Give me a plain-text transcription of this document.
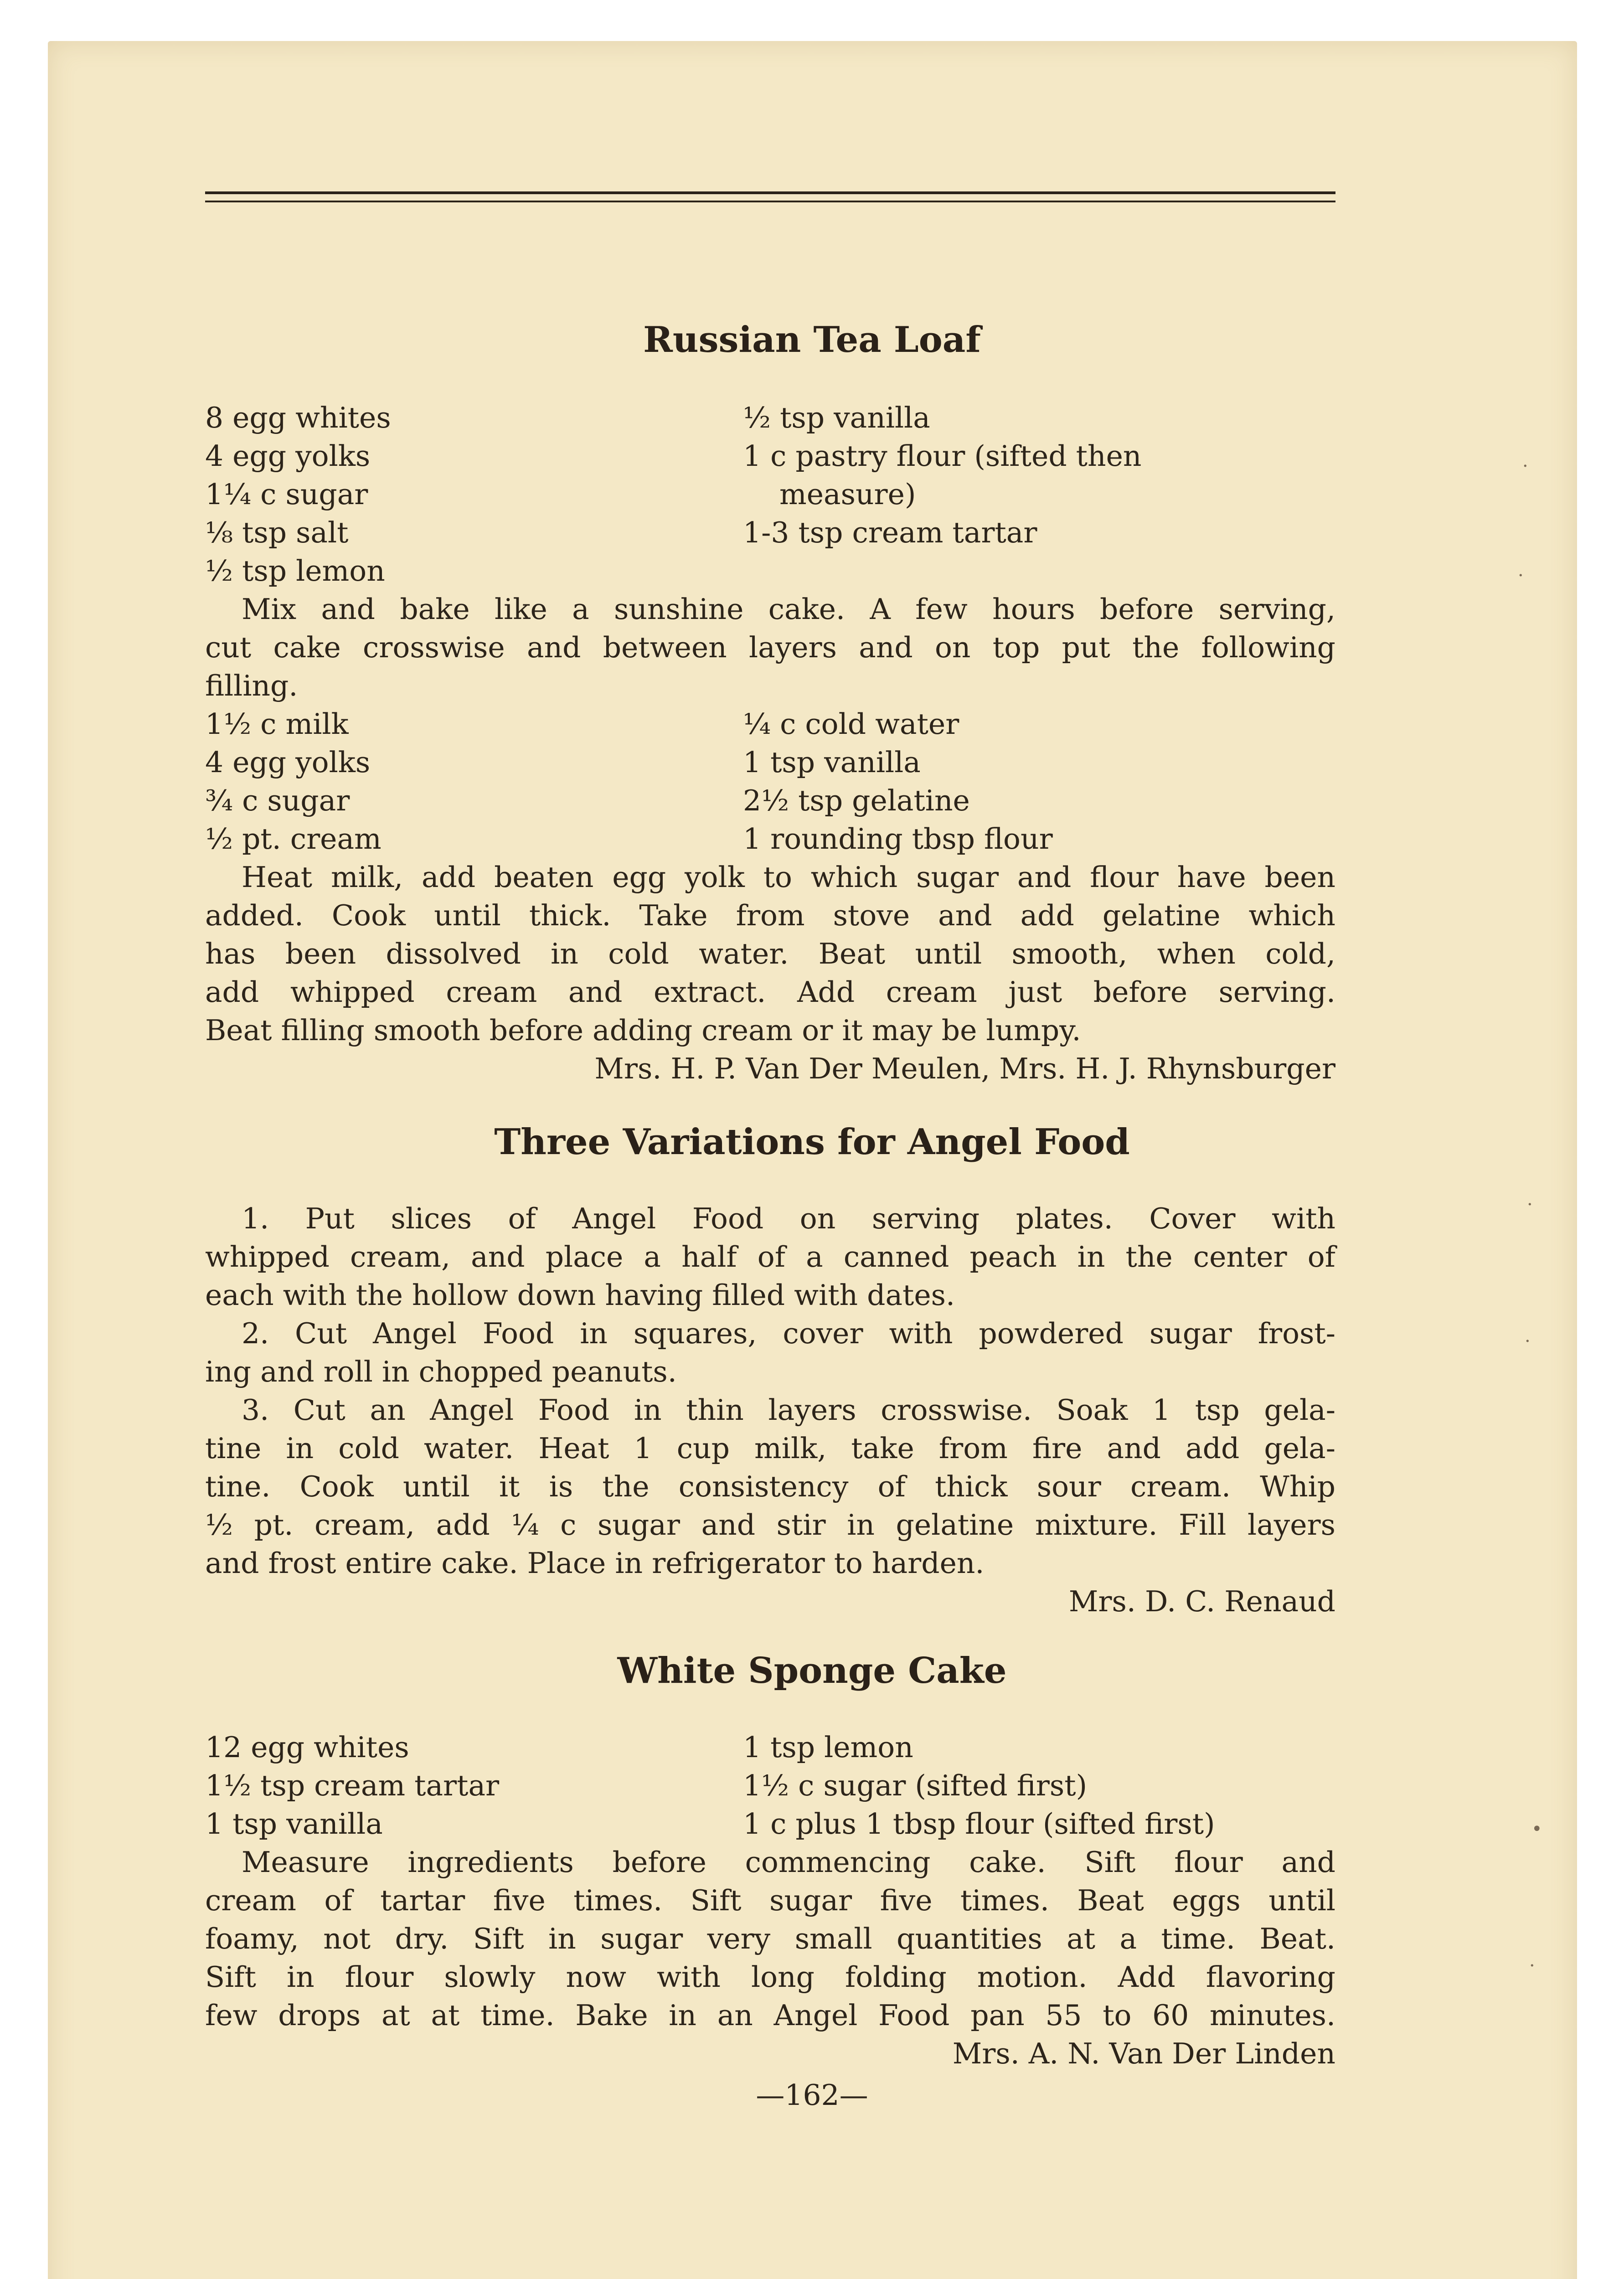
Russian Tea Loaf
8 egg whites
4 egg yolks
1¼ c sugar
⅛ tsp salt
½ tsp lemon
½ tsp vanilla
1 c pastry flour (sifted then
measure)
1-3 tsp cream tartar
Mix and bake like a sunshine cake. A few hours before serving,
cut cake crosswise and between layers and on top put the following
filling.
1½ c milk
4 egg yolks
¾ c sugar
½ pt. cream
¼ c cold water
1 tsp vanilla
2½ tsp gelatine
1 rounding tbsp flour
Heat milk, add beaten egg yolk to which sugar and flour have been
added. Cook until thick. Take from stove and add gelatine which
has been dissolved in cold water. Beat until smooth, when cold,
add whipped cream and extract. Add cream just before serving.
Beat filling smooth before adding cream or it may be lumpy.
Mrs. H. P. Van Der Meulen, Mrs. H. J. Rhynsburger
Three Variations for Angel Food
1. Put slices of Angel Food on serving plates. Cover with
whipped cream, and place a half of a canned peach in the center of
each with the hollow down having filled with dates.
2. Cut Angel Food in squares, cover with powdered sugar frost-
ing and roll in chopped peanuts.
3. Cut an Angel Food in thin layers crosswise. Soak 1 tsp gela-
tine in cold water. Heat 1 cup milk, take from fire and add gela-
tine. Cook until it is the consistency of thick sour cream. Whip
½ pt. cream, add ¼ c sugar and stir in gelatine mixture. Fill layers
and frost entire cake. Place in refrigerator to harden.
Mrs. D. C. Renaud
White Sponge Cake
12 egg whites
1½ tsp cream tartar
1 tsp vanilla
1 tsp lemon
1½ c sugar (sifted first)
1 c plus 1 tbsp flour (sifted first)
Measure ingredients before commencing cake. Sift flour and
cream of tartar five times. Sift sugar five times. Beat eggs until
foamy, not dry. Sift in sugar very small quantities at a time. Beat.
Sift in flour slowly now with long folding motion. Add flavoring
few drops at at time. Bake in an Angel Food pan 55 to 60 minutes.
Mrs. A. N. Van Der Linden
—162—
·
·
·
·
•
·
